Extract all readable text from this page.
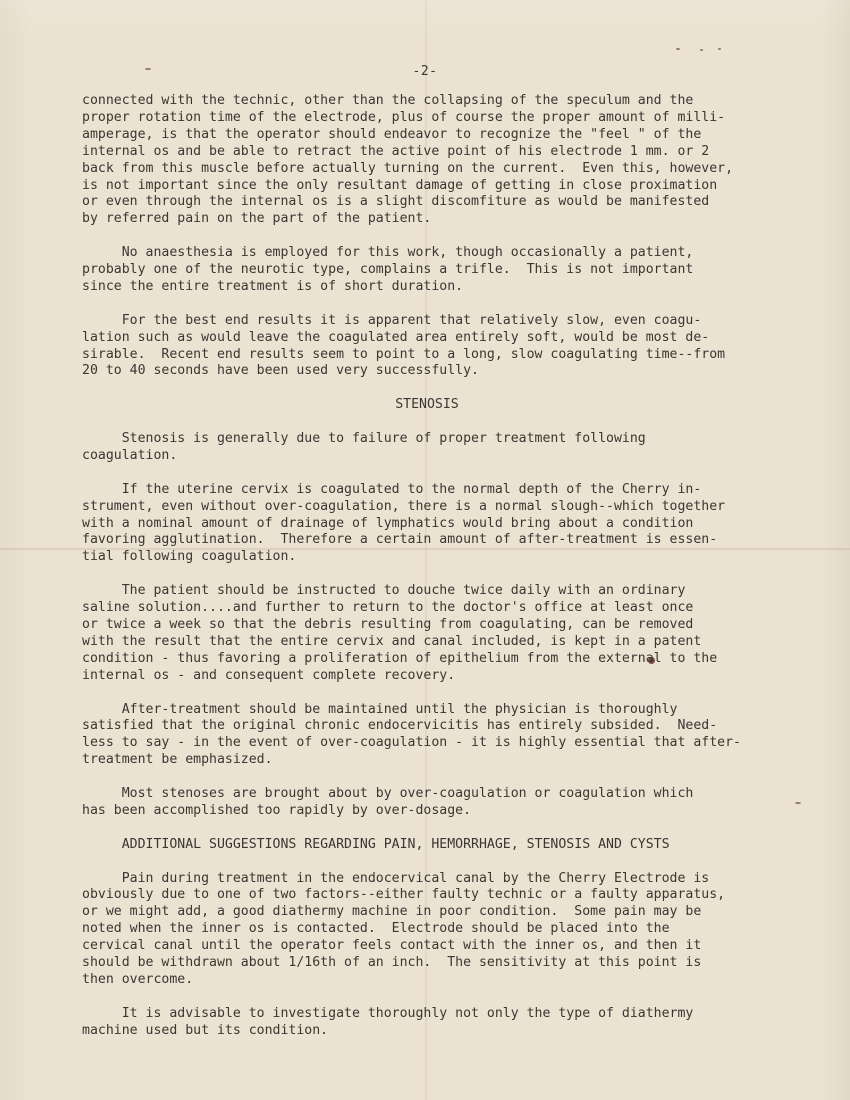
-2-
connected with the technic, other than the collapsing of the speculum and the
proper rotation time of the electrode, plus of course the proper amount of milli-
amperage, is that the operator should endeavor to recognize the "feel " of the
internal os and be able to retract the active point of his electrode 1 mm. or 2
back from this muscle before actually turning on the current.  Even this, however,
is not important since the only resultant damage of getting in close proximation
or even through the internal os is a slight discomfiture as would be manifested
by referred pain on the part of the patient.
No anaesthesia is employed for this work, though occasionally a patient,
probably one of the neurotic type, complains a trifle.  This is not important
since the entire treatment is of short duration.
For the best end results it is apparent that relatively slow, even coagu-
lation such as would leave the coagulated area entirely soft, would be most de-
sirable.  Recent end results seem to point to a long, slow coagulating time--from
20 to 40 seconds have been used very successfully.
STENOSIS
Stenosis is generally due to failure of proper treatment following
coagulation.
If the uterine cervix is coagulated to the normal depth of the Cherry in-
strument, even without over-coagulation, there is a normal slough--which together
with a nominal amount of drainage of lymphatics would bring about a condition
favoring agglutination.  Therefore a certain amount of after-treatment is essen-
tial following coagulation.
The patient should be instructed to douche twice daily with an ordinary
saline solution....and further to return to the doctor's office at least once
or twice a week so that the debris resulting from coagulating, can be removed
with the result that the entire cervix and canal included, is kept in a patent
condition - thus favoring a proliferation of epithelium from the external to the
internal os - and consequent complete recovery.
After-treatment should be maintained until the physician is thoroughly
satisfied that the original chronic endocervicitis has entirely subsided.  Need-
less to say - in the event of over-coagulation - it is highly essential that after-
treatment be emphasized.
Most stenoses are brought about by over-coagulation or coagulation which
has been accomplished too rapidly by over-dosage.
ADDITIONAL SUGGESTIONS REGARDING PAIN, HEMORRHAGE, STENOSIS AND CYSTS
Pain during treatment in the endocervical canal by the Cherry Electrode is
obviously due to one of two factors--either faulty technic or a faulty apparatus,
or we might add, a good diathermy machine in poor condition.  Some pain may be
noted when the inner os is contacted.  Electrode should be placed into the
cervical canal until the operator feels contact with the inner os, and then it
should be withdrawn about 1/16th of an inch.  The sensitivity at this point is
then overcome.
It is advisable to investigate thoroughly not only the type of diathermy
machine used but its condition.
